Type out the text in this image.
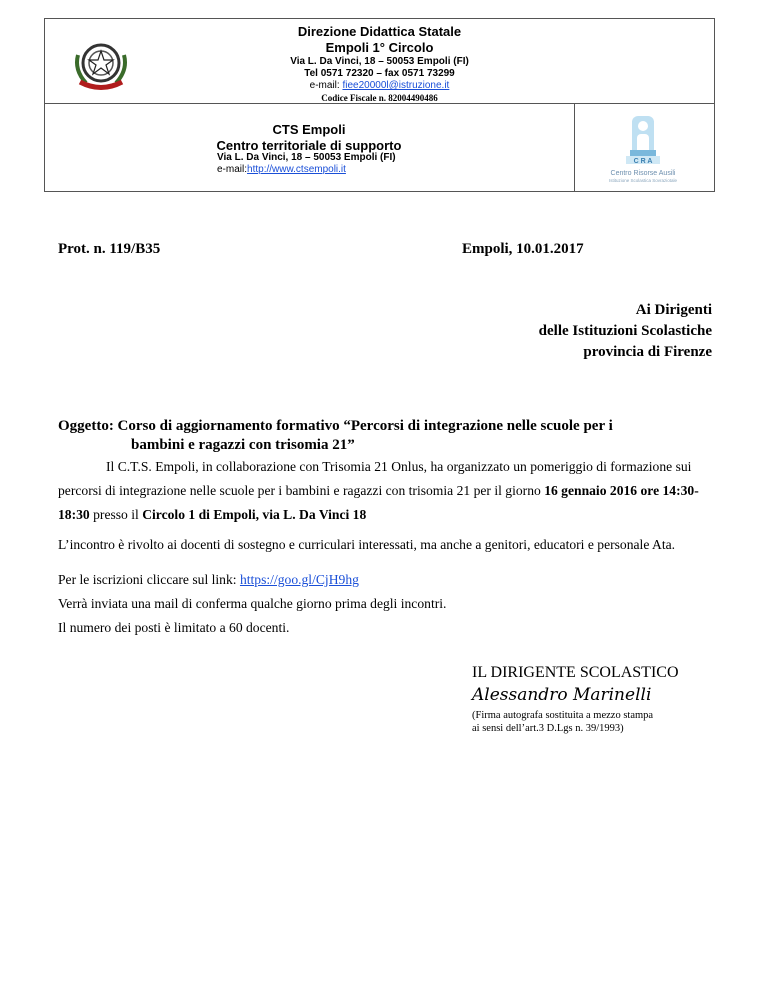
Direzione Didattica Statale
Empoli 1° Circolo
Via L. Da Vinci, 18 – 50053 Empoli (FI)
Tel 0571 72320 – fax 0571 73299
e-mail: fiee20000l@istruzione.it
Codice Fiscale n. 82004490486
CTS Empoli
Centro territoriale di supporto
Via L. Da Vinci, 18 – 50053 Empoli (FI)
e-mail:http://www.ctsempoli.it
C R A
Centro Risorse Ausili
Istituzione Scolastica Sovraziotale
Prot. n. 119/B35	Empoli, 10.01.2017
Ai Dirigenti
delle Istituzioni Scolastiche
provincia di Firenze
Oggetto: Corso di aggiornamento formativo “Percorsi di integrazione nelle scuole per i
bambini e ragazzi con trisomia 21”
Il C.T.S. Empoli, in collaborazione con Trisomia 21 Onlus, ha organizzato un pomeriggio di formazione sui percorsi di integrazione nelle scuole per i bambini e ragazzi con trisomia 21 per il giorno 16 gennaio 2016 ore 14:30-18:30 presso il Circolo 1 di Empoli, via L. Da Vinci 18
L’incontro è rivolto ai docenti di sostegno e curriculari interessati, ma anche a genitori, educatori e personale Ata.
Per le iscrizioni cliccare sul link: https://goo.gl/CjH9hg
Verrà inviata una mail di conferma qualche giorno prima degli incontri.
Il numero dei posti è limitato a 60 docenti.
IL DIRIGENTE SCOLASTICO
Alessandro Marinelli
(Firma autografa sostituita a mezzo stampa
ai sensi dell’art.3 D.Lgs n. 39/1993)
